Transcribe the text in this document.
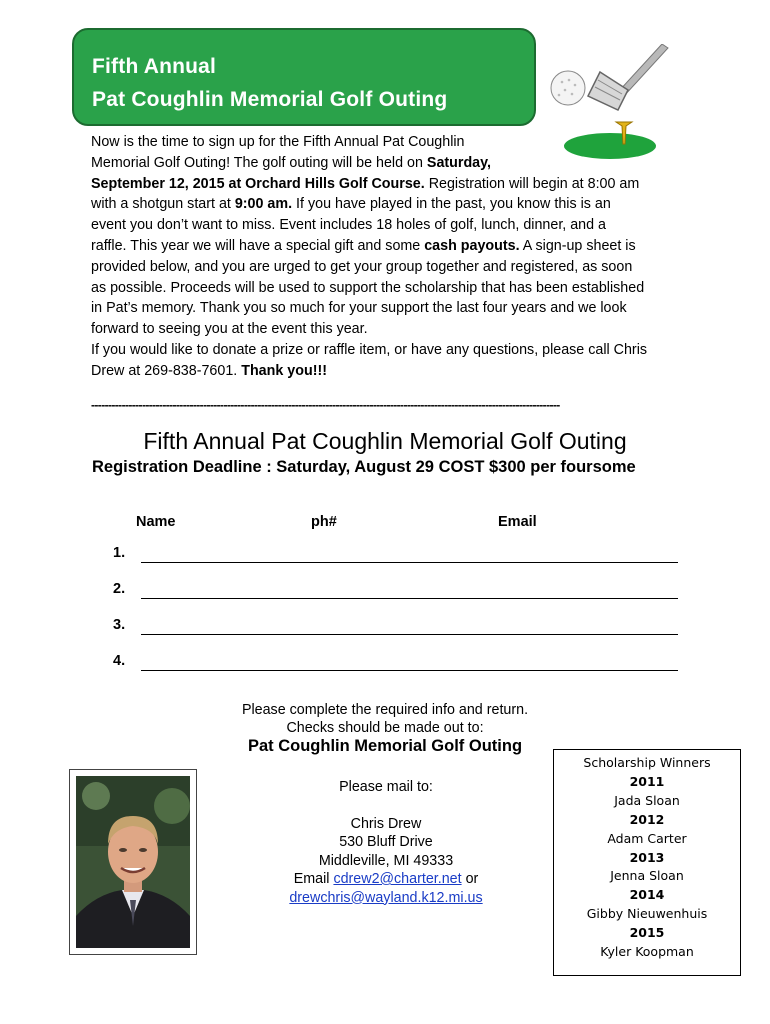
Fifth Annual
Pat Coughlin Memorial Golf Outing

Now is the time to sign up for the Fifth Annual Pat Coughlin
Memorial Golf Outing! The golf outing will be held on Saturday,
September 12, 2015 at Orchard Hills Golf Course. Registration will begin at 8:00 am
with a shotgun start at 9:00 am. If you have played in the past, you know this is an
event you don’t want to miss. Event includes 18 holes of golf, lunch, dinner, and a
raffle. This year we will have a special gift and some cash payouts. A sign-up sheet is
provided below, and you are urged to get your group together and registered, as soon
as possible. Proceeds will be used to support the scholarship that has been established
in Pat’s memory. Thank you so much for your support the last four years and we look
forward to seeing you at the event this year.

If you would like to donate a prize or raffle item, or have any questions, please call Chris
Drew at 269-838-7601. Thank you!!!

------------------------------------------------------------------------------------------------------------------------------------------
Fifth Annual Pat Coughlin Memorial Golf Outing
Registration Deadline : Saturday, August 29 COST $300 per foursome
Name	ph#	Email
1.
2.
3.
4.
Please complete the required info and return.
Checks should be made out to:
Pat Coughlin Memorial Golf Outing
Please mail to:
Chris Drew
530 Bluff Drive
Middleville, MI 49333
Email cdrew2@charter.net or
drewchris@wayland.k12.mi.us
Scholarship Winners
2011
Jada Sloan
2012
Adam Carter
2013
Jenna Sloan
2014
Gibby Nieuwenhuis
2015
Kyler Koopman
